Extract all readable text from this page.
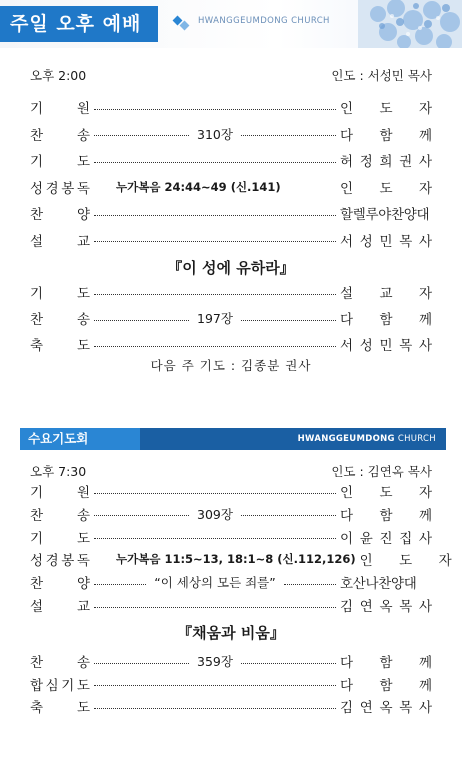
주일 오후 예배	HWANGGEUMDONG CHURCH
오후 2:00	인도 : 서성민 목사
기	원	인 도 자
찬	송	310장	다 함 께
기	도	허 정 희 권 사
성 경 봉 독	누가복음 24:44~49 (신.141)	인 도 자
찬	양	할렐루야찬양대
설	교	서 성 민 목 사
『이 성에 유하라』
기	도	설 교 자
찬	송	197장	다 함 께
축	도	서 성 민 목 사
다음 주 기도 : 김종분 권사
수요기도회	HWANGGEUMDONG CHURCH
오후 7:30	인도 : 김연옥 목사
기	원	인 도 자
찬	송	309장	다 함 께
기	도	이 윤 진 집 사
성 경 봉 독	누가복음 11:5~13, 18:1~8 (신.112,126) 인 도 자
찬	양	“이 세상의 모든 죄를”	호산나찬양대
설	교	김 연 옥 목 사
『채움과 비움』
찬	송	359장	다 함 께
합 심 기 도	다 함 께
축	도	김 연 옥 목 사
